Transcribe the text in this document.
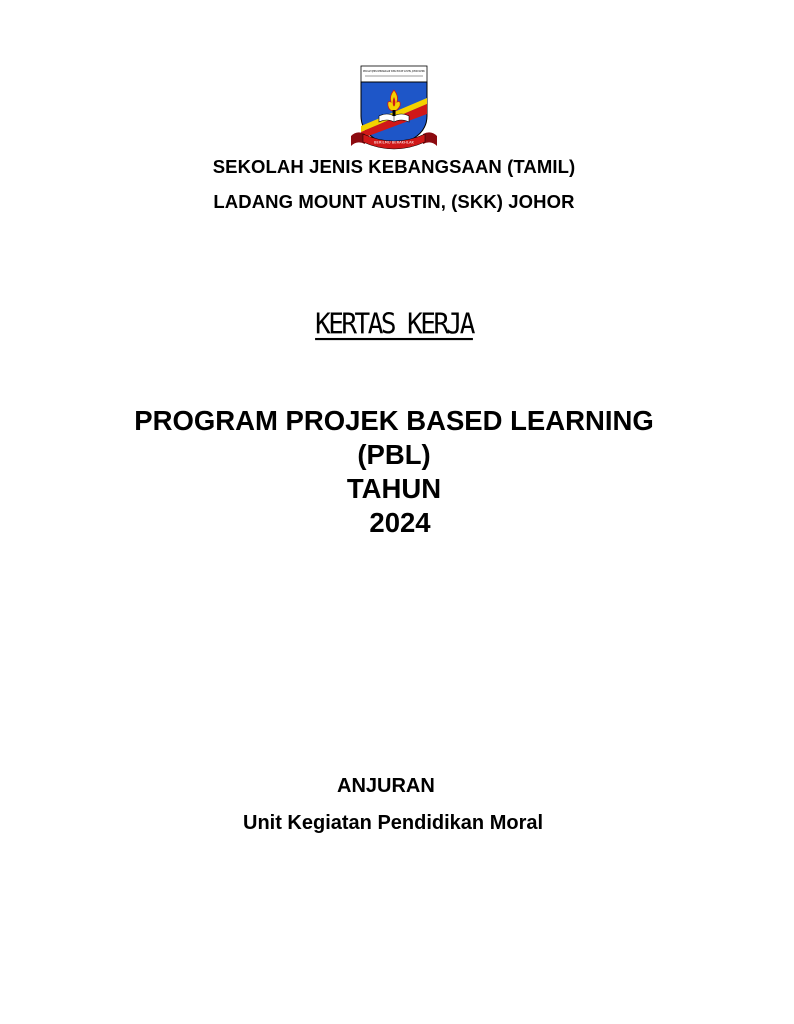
SEKOLAH JENIS KEBANGSAAN TAMIL MOUNT AUSTIN, JOHOR BAHRU
BERILMU BERAKHLAK
SEKOLAH JENIS KEBANGSAAN (TAMIL)
LADANG MOUNT AUSTIN, (SKK) JOHOR
KERTAS KERJA
PROGRAM PROJEK BASED LEARNING
(PBL)
TAHUN
2024
ANJURAN
Unit Kegiatan Pendidikan Moral
